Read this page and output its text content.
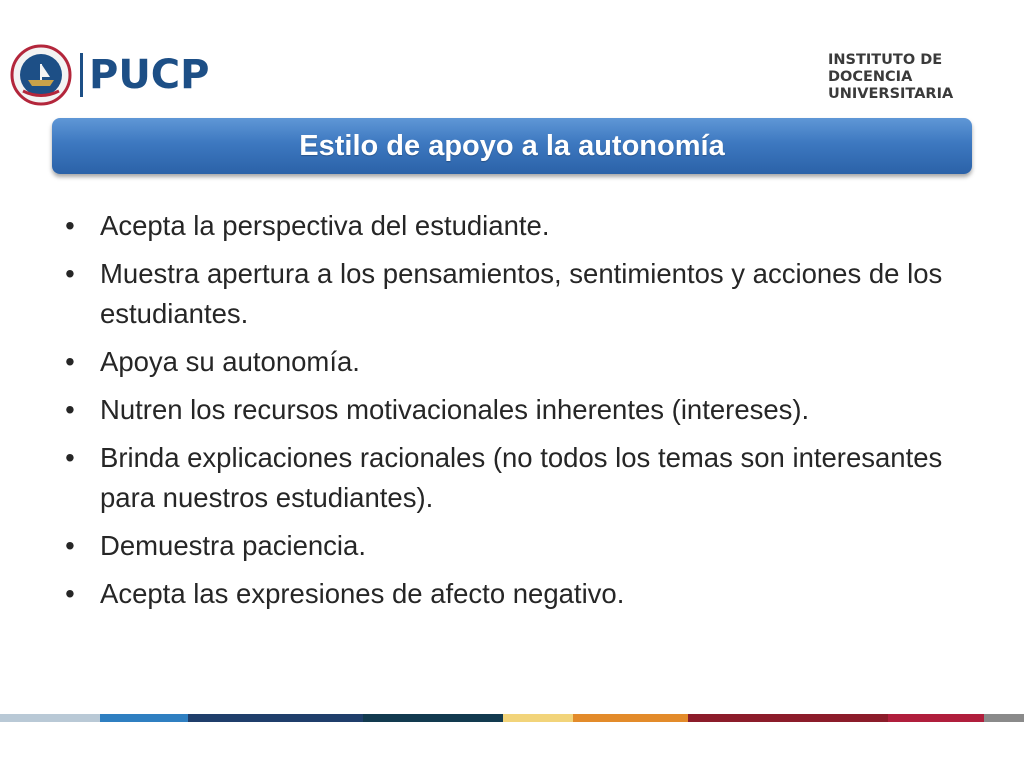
PUCP	INSTITUTO DE
DOCENCIA
UNIVERSITARIA
Estilo de apoyo a la autonomía
• Acepta la perspectiva del estudiante.
• Muestra apertura a los pensamientos, sentimientos y acciones de los estudiantes.
• Apoya su autonomía.
• Nutren los recursos motivacionales inherentes (intereses).
• Brinda explicaciones racionales (no todos los temas son interesantes para nuestros estudiantes).
• Demuestra paciencia.
• Acepta las expresiones de afecto negativo.
